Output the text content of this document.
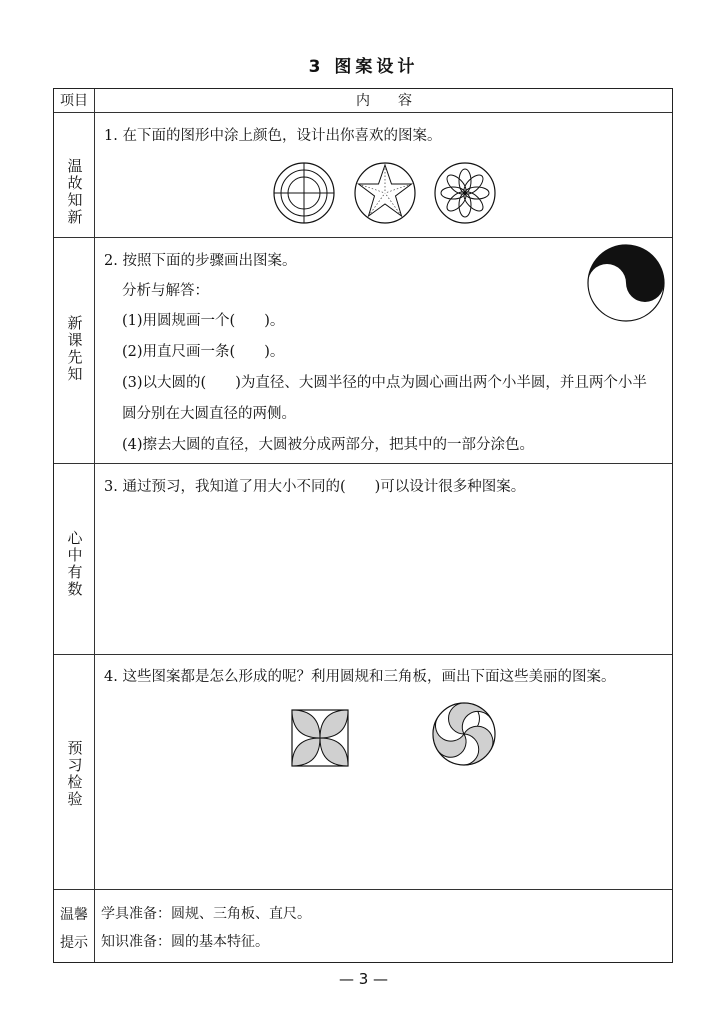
3 图案设计
项目	内　　容
温故知新
1. 在下面的图形中涂上颜色，设计出你喜欢的图案。
新课先知
2. 按照下面的步骤画出图案。
分析与解答：
(1)用圆规画一个(　　)。
(2)用直尺画一条(　　)。
(3)以大圆的(　　)为直径、大圆半径的中点为圆心画出两个小半圆，并且两个小半
圆分别在大圆直径的两侧。
(4)擦去大圆的直径，大圆被分成两部分，把其中的一部分涂色。
心中有数
3. 通过预习，我知道了用大小不同的(　　)可以设计很多种图案。
预习检验
4. 这些图案都是怎么形成的呢？利用圆规和三角板，画出下面这些美丽的图案。
温馨
提示
学具准备：圆规、三角板、直尺。
知识准备：圆的基本特征。
— 3 —
